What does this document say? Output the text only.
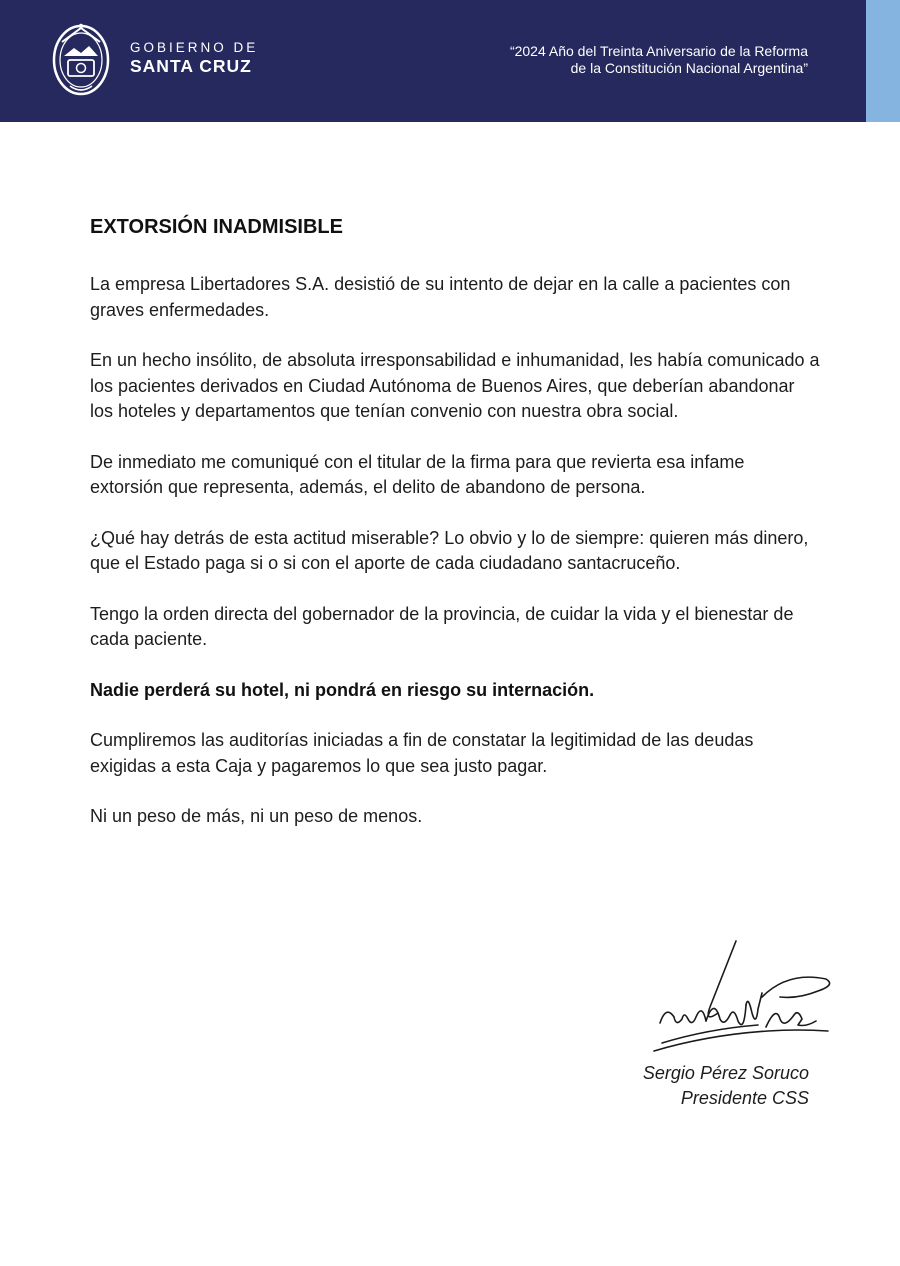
GOBIERNO DE
SANTA CRUZ
“2024 Año del Treinta Aniversario de la Reforma
de la Constitución Nacional Argentina”
EXTORSIÓN INADMISIBLE

La empresa Libertadores S.A. desistió de su intento de dejar en la calle a pacientes con graves enfermedades.

En un hecho insólito, de absoluta irresponsabilidad e inhumanidad, les había comunicado a los pacientes derivados en Ciudad Autónoma de Buenos Aires, que deberían abandonar los hoteles y departamentos que tenían convenio con nuestra obra social.

De inmediato me comuniqué con el titular de la firma para que revierta esa infame extorsión que representa, además, el delito de abandono de persona.

¿Qué hay detrás de esta actitud miserable? Lo obvio y lo de siempre: quieren más dinero, que el Estado paga si o si con el aporte de cada ciudadano santacruceño.

Tengo la orden directa del gobernador de la provincia, de cuidar la vida y el bienestar de cada paciente.

Nadie perderá su hotel, ni pondrá en riesgo su internación.

Cumpliremos las auditorías iniciadas a fin de constatar la legitimidad de las deudas exigidas a esta Caja y pagaremos lo que sea justo pagar.

Ni un peso de más, ni un peso de menos.

Sergio Pérez Soruco
Presidente CSS
